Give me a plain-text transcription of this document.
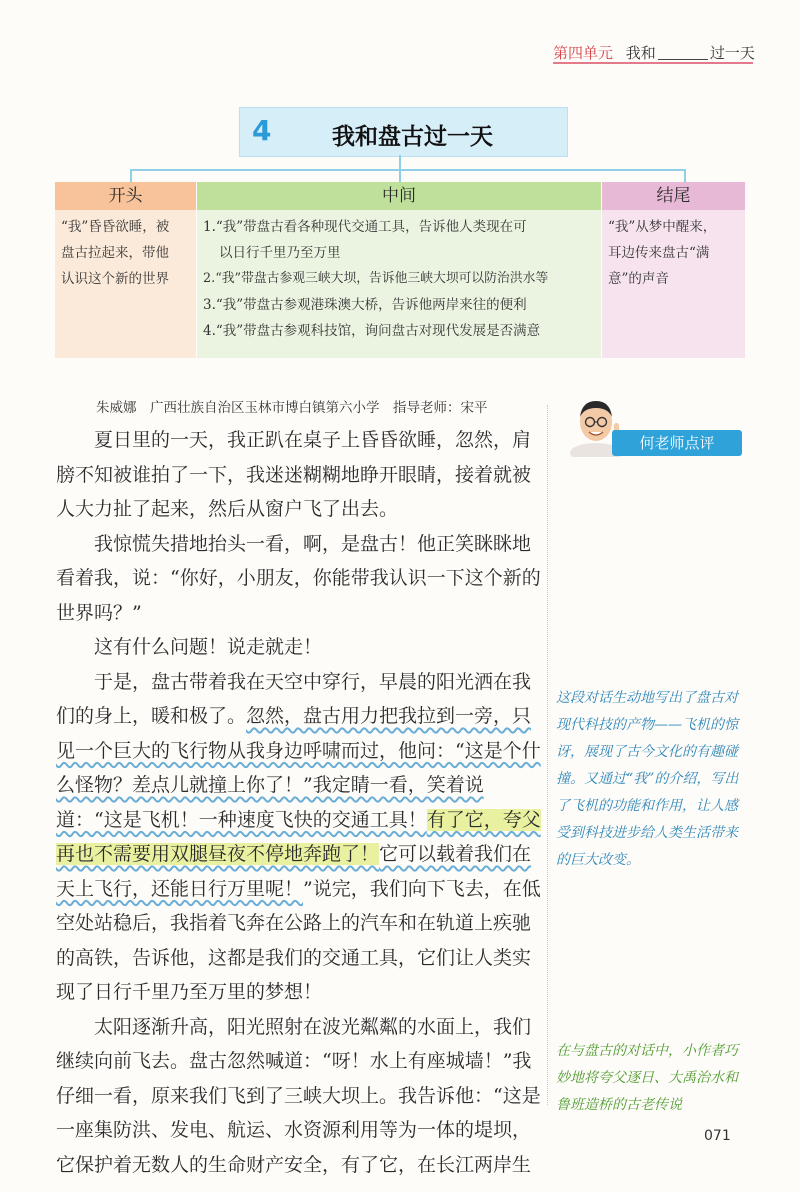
第四单元 我和	过一天
4	我和盘古过一天
开头
“我”昏昏欲睡，被
盘古拉起来，带他
认识这个新的世界
中间
1.“我”带盘古看各种现代交通工具，告诉他人类现在可
以日行千里乃至万里
2.“我”带盘古参观三峡大坝，告诉他三峡大坝可以防治洪水等
3.“我”带盘古参观港珠澳大桥，告诉他两岸来往的便利
4.“我”带盘古参观科技馆，询问盘古对现代发展是否满意
结尾
“我”从梦中醒来，
耳边传来盘古“满
意”的声音
朱威娜　广西壮族自治区玉林市博白镇第六小学　指导老师：宋平

夏日里的一天，我正趴在桌子上昏昏欲睡，忽然，肩膀不知被谁拍了一下，我迷迷糊糊地睁开眼睛，接着就被人大力扯了起来，然后从窗户飞了出去。

我惊慌失措地抬头一看，啊，是盘古！他正笑眯眯地看着我，说：“你好，小朋友，你能带我认识一下这个新的世界吗？”

这有什么问题！说走就走！

于是，盘古带着我在天空中穿行，早晨的阳光洒在我们的身上，暖和极了。忽然，盘古用力把我拉到一旁，只见一个巨大的飞行物从我身边呼啸而过，他问：“这是个什么怪物？差点儿就撞上你了！”我定睛一看，笑着说道：“这是飞机！一种速度飞快的交通工具！有了它，夸父再也不需要用双腿昼夜不停地奔跑了！它可以载着我们在天上飞行，还能日行万里呢！”说完，我们向下飞去，在低空处站稳后，我指着飞奔在公路上的汽车和在轨道上疾驰的高铁，告诉他，这都是我们的交通工具，它们让人类实现了日行千里乃至万里的梦想！

太阳逐渐升高，阳光照射在波光粼粼的水面上，我们继续向前飞去。盘古忽然喊道：“呀！水上有座城墙！”我仔细一看，原来我们飞到了三峡大坝上。我告诉他：“这是一座集防洪、发电、航运、水资源利用等为一体的堤坝，它保护着无数人的生命财产安全，有了它，在长江两岸生

何老师点评
这段对话生动地写出了盘古对现代科技的产物——飞机的惊讶，展现了古今文化的有趣碰撞。又通过“我”的介绍，写出了飞机的功能和作用，让人感受到科技进步给人类生活带来的巨大改变。
在与盘古的对话中，小作者巧妙地将夸父逐日、大禹治水和鲁班造桥的古老传说
071
